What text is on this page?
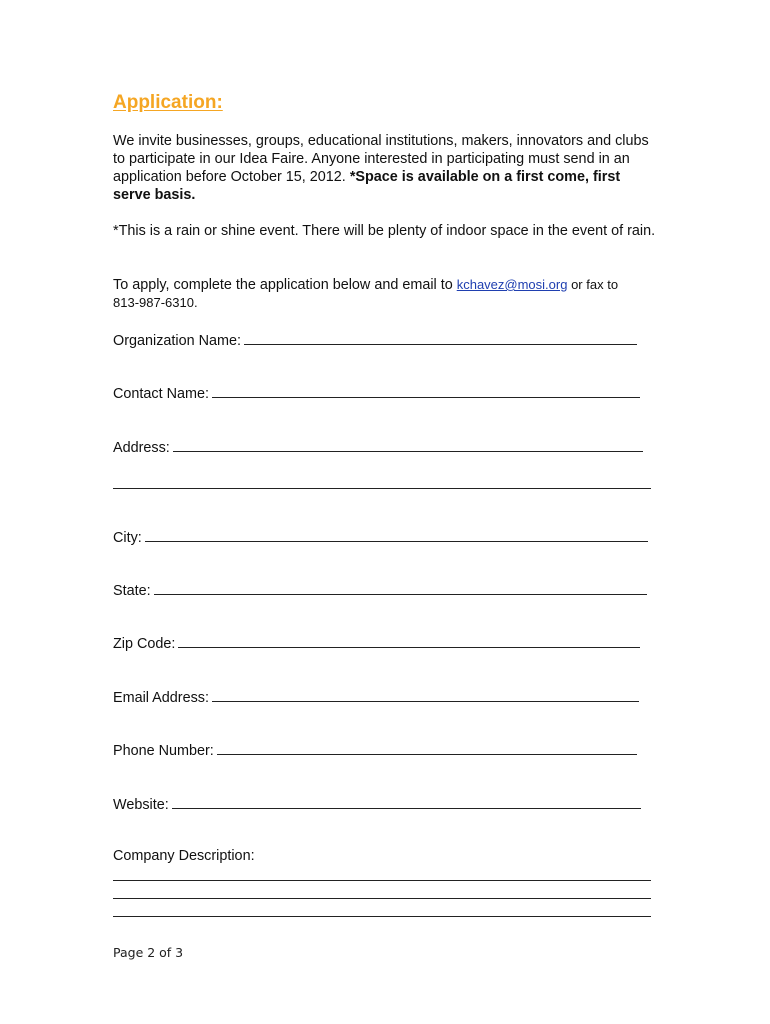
Application:

We invite businesses, groups, educational institutions, makers, innovators and clubs to participate in our Idea Faire. Anyone interested in participating must send in an application before October 15, 2012. *Space is available on a first come, first serve basis.

*This is a rain or shine event. There will be plenty of indoor space in the event of rain.

To apply, complete the application below and email to kchavez@mosi.org or fax to
813-987-6310.

Organization Name:
Contact Name:
Address:
City:
State:
Zip Code:
Email Address:
Phone Number:
Website:
Company Description:
Page 2 of 3
